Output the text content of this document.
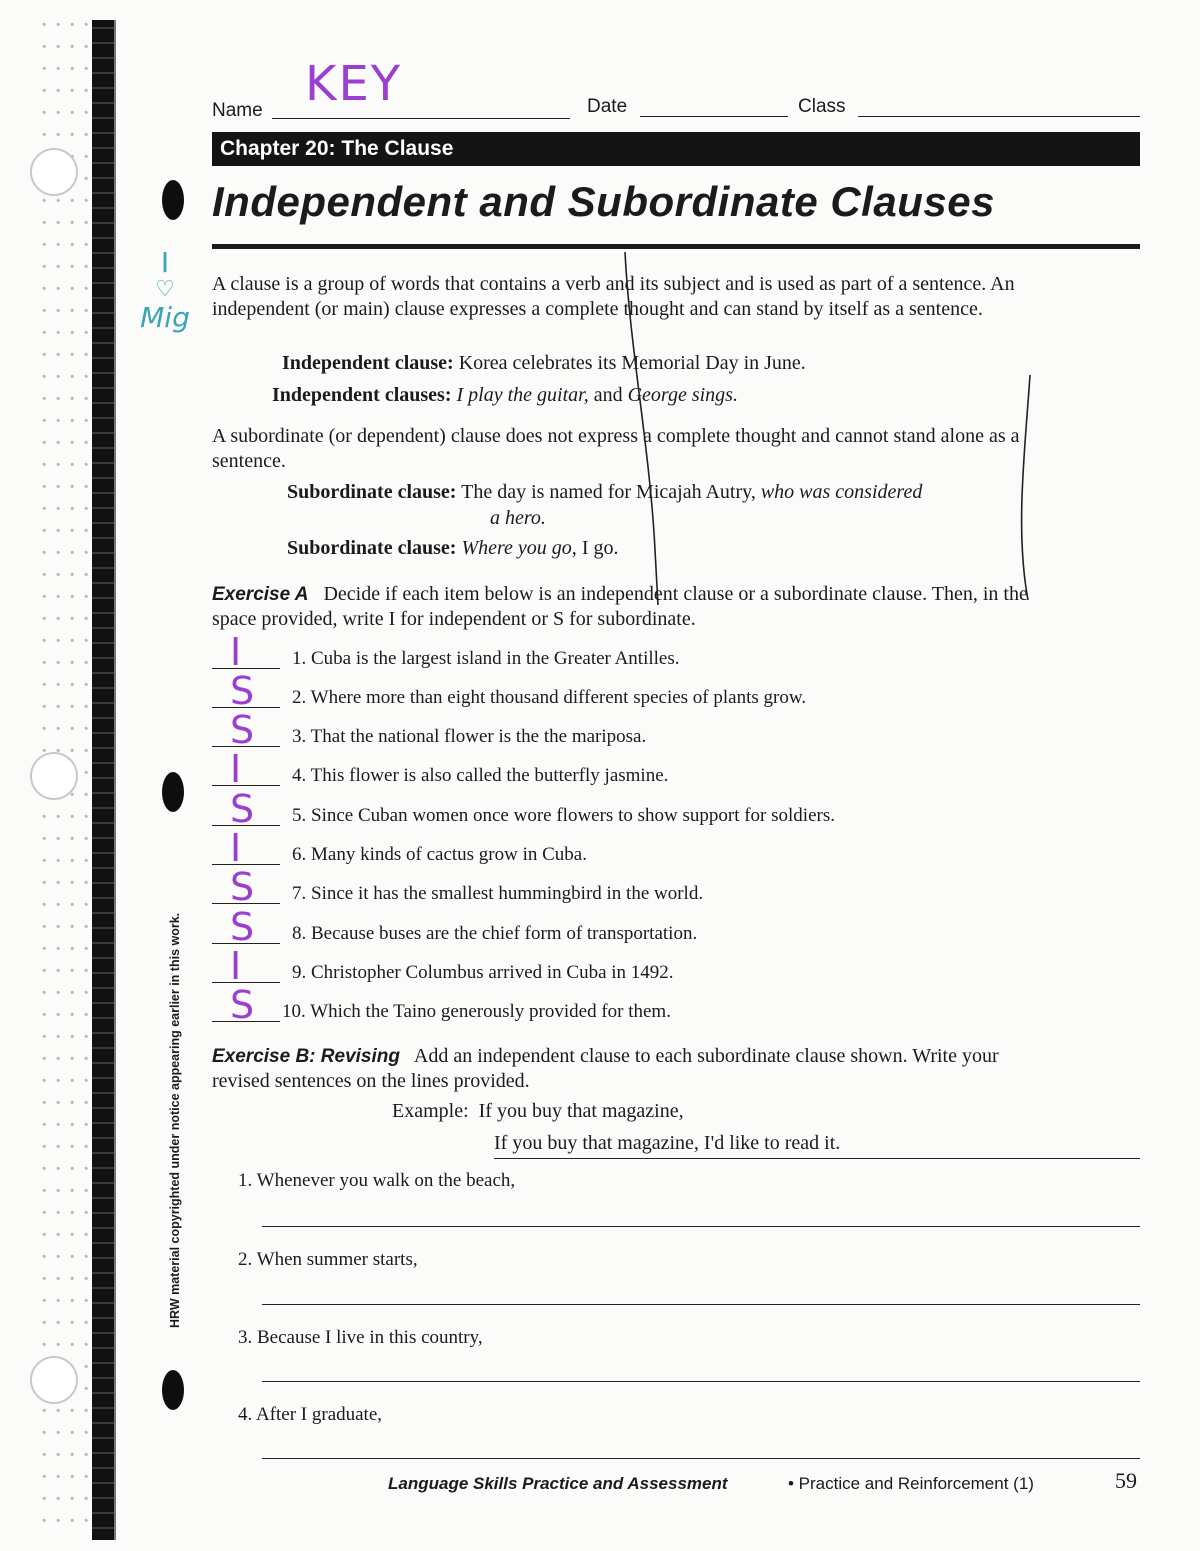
I
♡
Mig
Name KEY	Date	Class
Chapter 20: The Clause
Independent and Subordinate Clauses
A clause is a group of words that contains a verb and its subject and is used as part of a sentence. An independent (or main) clause expresses a complete thought and can stand by itself as a sentence.
Independent clause: Korea celebrates its Memorial Day in June.
Independent clauses: I play the guitar, and George sings.
A subordinate (or dependent) clause does not express a complete thought and cannot stand alone as a sentence.
Subordinate clause: The day is named for Micajah Autry, who was considered
a hero.
Subordinate clause: Where you go, I go.
Exercise A Decide if each item below is an independent clause or a subordinate clause. Then, in the space provided, write I for independent or S for subordinate.
I	1. Cuba is the largest island in the Greater Antilles.
S 2. Where more than eight thousand different species of plants grow.
S 3. That the national flower is the the mariposa.
I	4. This flower is also called the butterfly jasmine.
S 5. Since Cuban women once wore flowers to show support for soldiers.
I	6. Many kinds of cactus grow in Cuba.
S 7. Since it has the smallest hummingbird in the world.
S 8. Because buses are the chief form of transportation.
I	9. Christopher Columbus arrived in Cuba in 1492.
S 10. Which the Taino generously provided for them.
Exercise B: Revising Add an independent clause to each subordinate clause shown. Write your revised sentences on the lines provided.
Example: If you buy that magazine,
If you buy that magazine, I'd like to read it.
1. Whenever you walk on the beach,
2. When summer starts,
3. Because I live in this country,
4. After I graduate,
HRW material copyrighted under notice appearing earlier in this work.
Language Skills Practice and Assessment	• Practice and Reinforcement (1)	59
